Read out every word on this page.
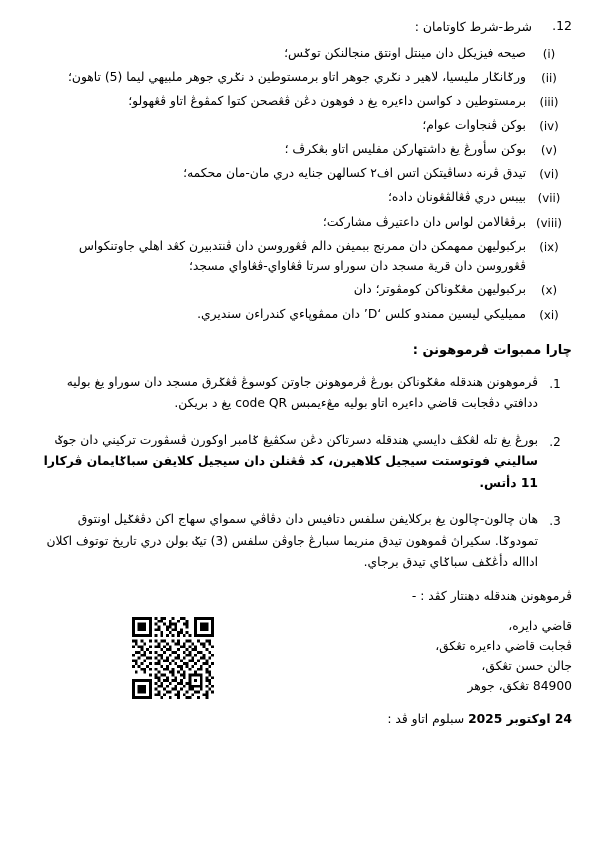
12.
شرط-شرط كاوتامان :
(i)
صيحه فيزيكل دان مينتل اونتق منجالنكن توݢس؛
(ii)
ورݢانݢار مليسيا، لاهير د نݢري جوهر اتاو برمستوطين د نݢري جوهر ملبيهي ليما (5) تاهون؛
(iii)
برمستوطين د كواسن داءيره يغ د فوهون دڠن ڤڠصحن كتوا كمڤوڠ اتاو ڤڠهولو؛
(iv)
بوكن ڤنجاوات عوام؛
(v)
بوكن سأورڠ يغ داشتهاركن مفليس اتاو بڠكرڤ ؛
(vi)
تيدق ڤرنه دساڤيتكن اتس اف٢ كسالهن جنايه دري مان-مان محكمه؛
(vii)
بيبس دري ڤڠالڤڠونان داده؛
(viii)
برڤڠالامن لواس دان داعتيرڤ مشاركت؛
(ix)
بركبوليهن ممهمكن دان ممرنج ببميفن دالم ڤڠوروسن دان ڤنتدبيرن كڠد اهلي جاوتنكواس ڤڠوروسن دان قرية مسجد دان سوراو سرتا ڤڠاواي-ڤڠاواي مسجد؛
(x)
بركبوليهن مڠݢوناكن كومڤوتر؛ دان
(xi)
مميليكي ليسين ممندو كلس ‘D’ دان ممڤوڽاءي كندراءن سنديري.
چارا ممبوات ڤرموهونن :
1.
ڤرموهونن هندقله مڠݢوناكن بورڠ ڤرموهونن جاوتن كوسوڠ ڤڠݢرق مسجد دان سوراو يغ بوليه ددافتي دڤجابت قاضي داءيره اتاو بوليه مڠءيمبس code QR يغ د بريكن.
2.
بورڠ يغ تله لڠكڤ دايسي هندقله دسرتاكن دڠن سكڤيڠ ݢامبر اوكورن ڤسڤورت تركيني دان جوݢ ساليني فوتوستت سيجيل كلاهيرن، كد ڤڠنلن دان سيجيل كلايفن سباݢايمان ڤركارا 11 دأتس.
3.
هان چالون-چالون يغ بركلايفن سلفس دتافيس دان دڤاڤي سمواي سهاج اكن دڤڠݢيل اونتوق تمودوݢا. سكيراڽ ڤموهون تيدق منريما سبارڠ جاوڤن سلفس (3) تيݢ بولن دري تاريخ توتوف اكلان ادااله دأڠݢف سباݢاي تيدق برجاي.
ڤرموهونن هندقله دهنتار كڤد : -
قاضي دايره،
ڤجابت قاضي داءيره تڠكق،
جالن حسن تڠكق،
84900 تڠكق، جوهر
24 اوكتوبر 2025 سبلوم اتاو ڤد :
